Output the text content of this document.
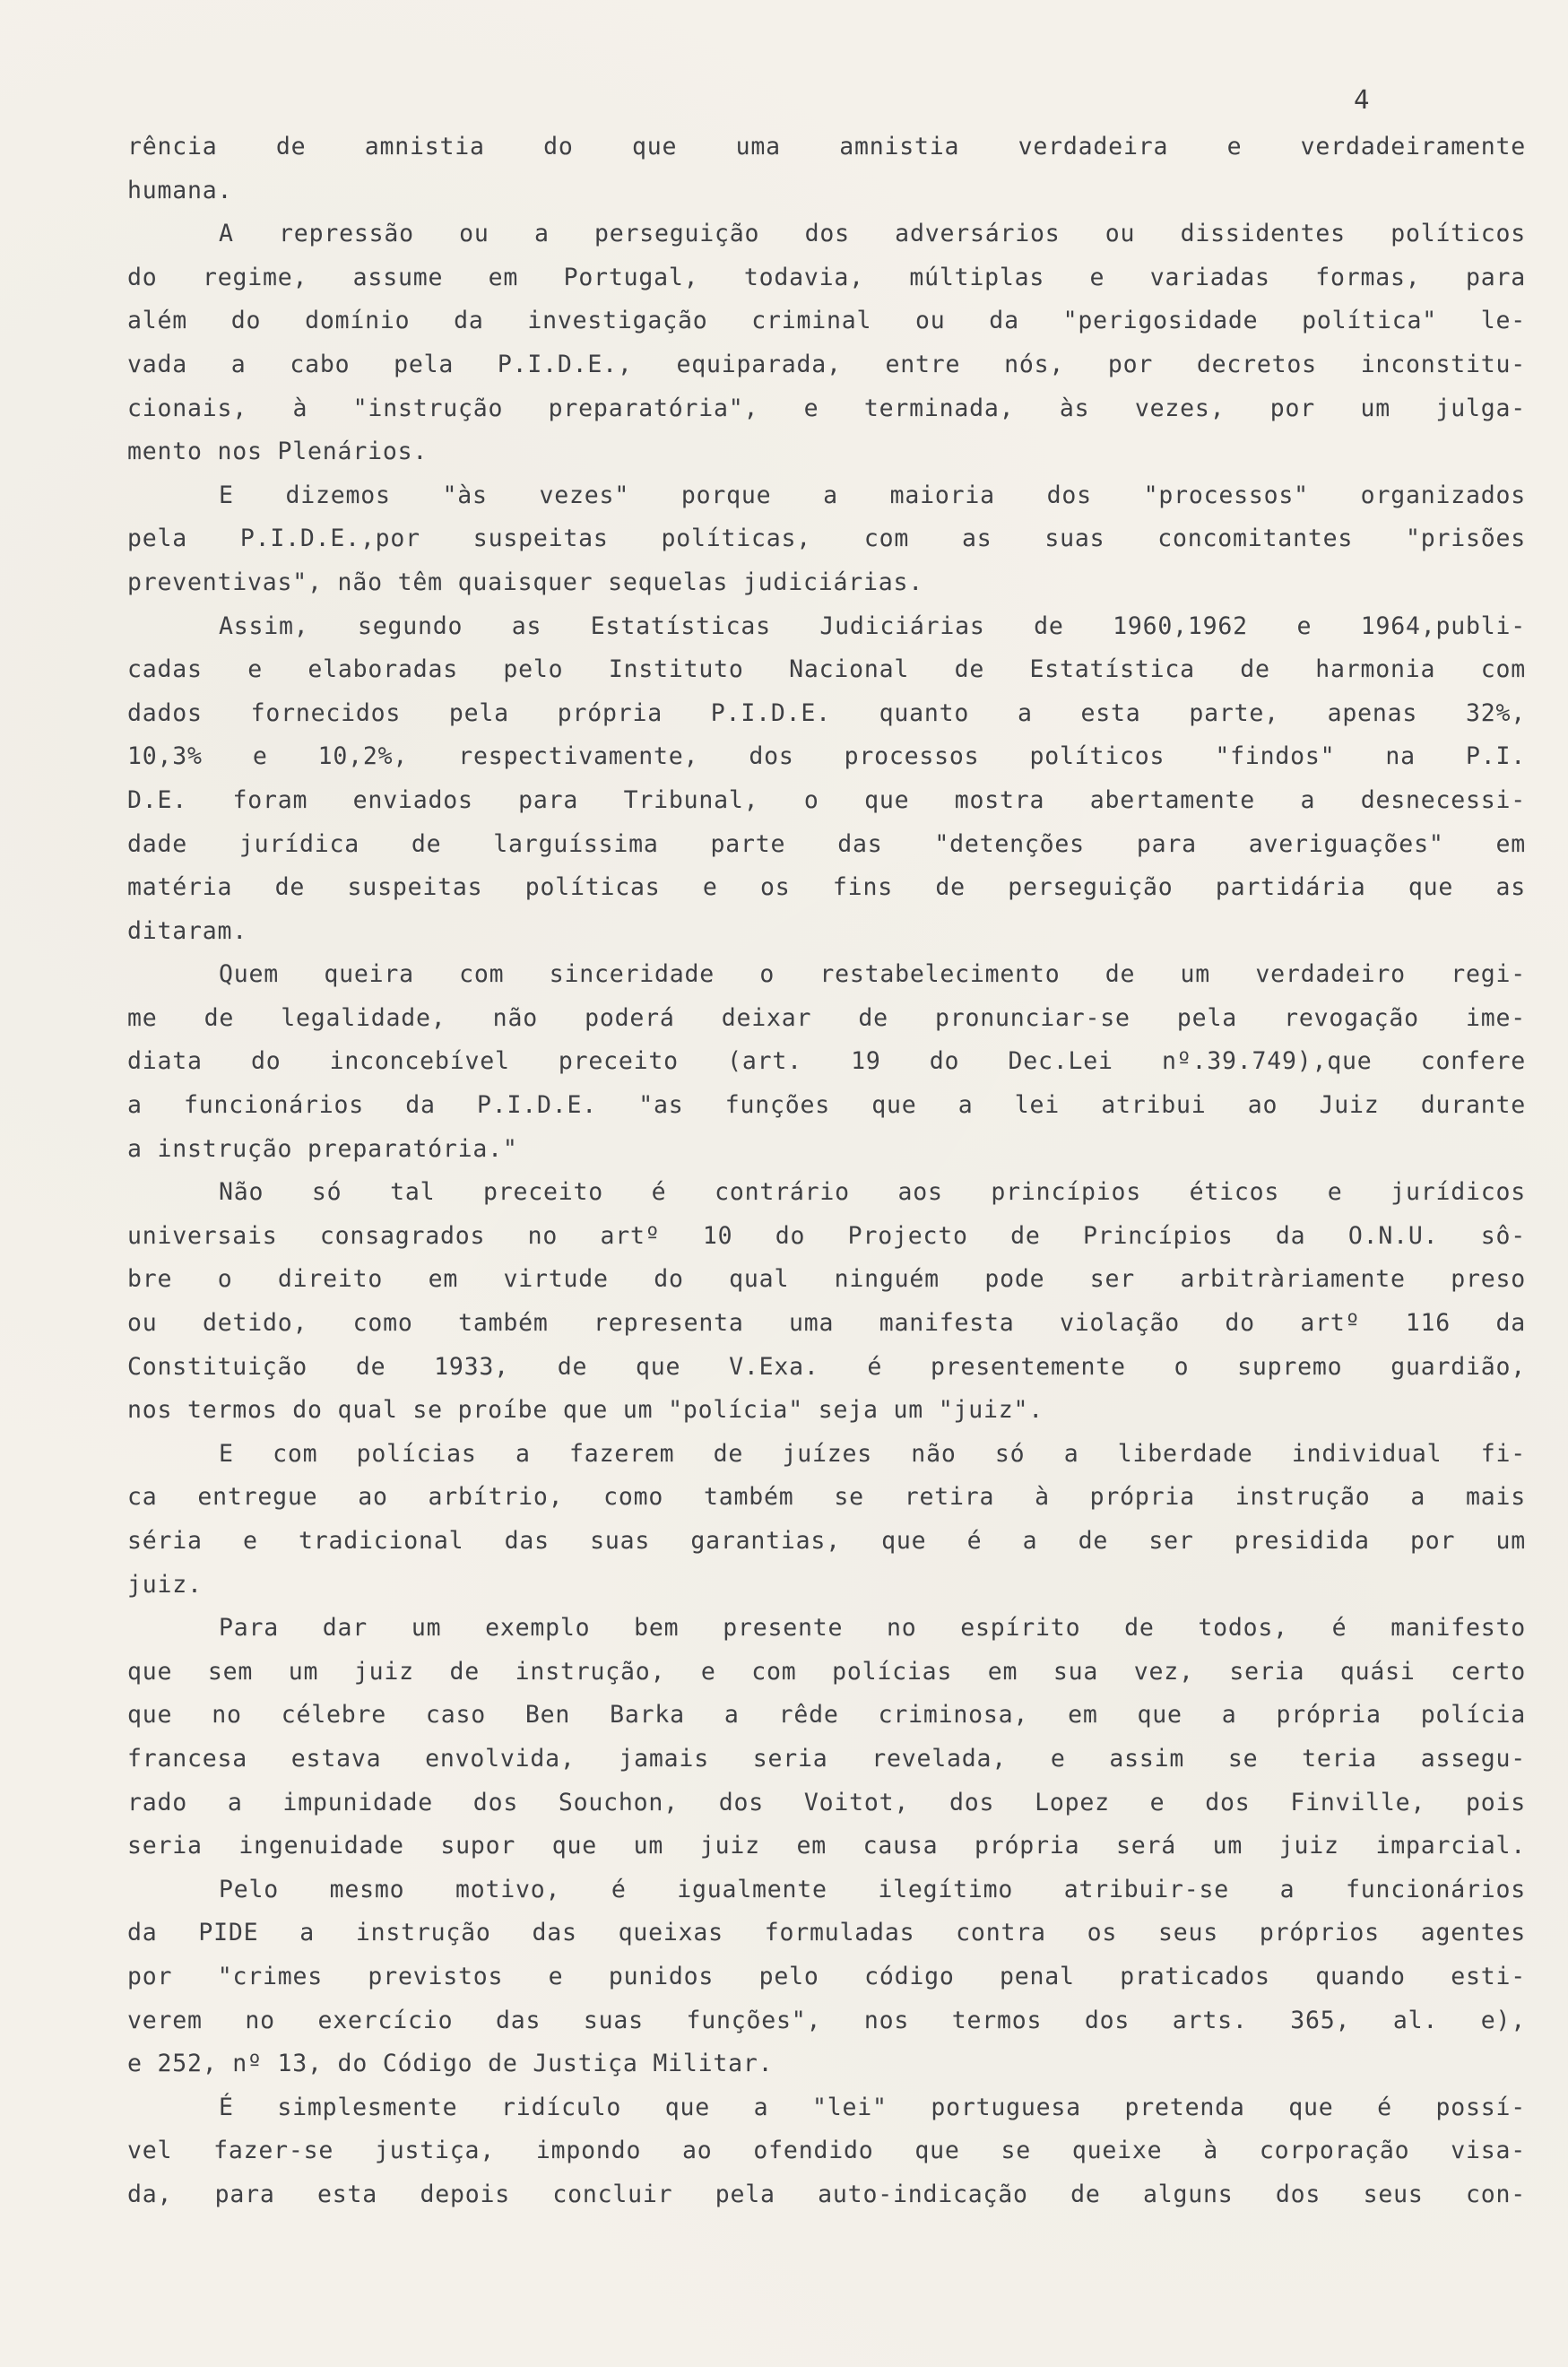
4
rência de amnistia do que uma amnistia verdadeira e verdadeiramente
humana.
A repressão ou a perseguição dos adversários ou dissidentes políticos
do regime, assume em Portugal, todavia, múltiplas e variadas formas, para
além do domínio da investigação criminal ou da "perigosidade política" le-
vada a cabo pela P.I.D.E., equiparada, entre nós, por decretos inconstitu-
cionais, à "instrução preparatória", e terminada, às vezes, por um julga-
mento nos Plenários.
E dizemos "às vezes" porque a maioria dos "processos" organizados
pela P.I.D.E.,por suspeitas políticas, com as suas concomitantes "prisões
preventivas", não têm quaisquer sequelas judiciárias.
Assim, segundo as Estatísticas Judiciárias de 1960,1962 e 1964,publi-
cadas e elaboradas pelo Instituto Nacional de Estatística de harmonia com
dados fornecidos pela própria P.I.D.E. quanto a esta parte, apenas 32%,
10,3% e 10,2%, respectivamente, dos processos políticos "findos" na P.I.
D.E. foram enviados para Tribunal, o que mostra abertamente a desnecessi-
dade jurídica de larguíssima parte das "detenções para averiguações" em
matéria de suspeitas políticas e os fins de perseguição partidária que as
ditaram.
Quem queira com sinceridade o restabelecimento de um verdadeiro regi-
me de legalidade, não poderá deixar de pronunciar-se pela revogação ime-
diata do inconcebível preceito (art. 19 do Dec.Lei nº.39.749),que confere
a funcionários da P.I.D.E. "as funções que a lei atribui ao Juiz durante
a instrução preparatória."
Não só tal preceito é contrário aos princípios éticos e jurídicos
universais consagrados no artº 10 do Projecto de Princípios da O.N.U. sô-
bre o direito em virtude do qual ninguém pode ser arbitràriamente preso
ou detido, como também representa uma manifesta violação do artº 116 da
Constituição de 1933, de que V.Exa. é presentemente o supremo guardião,
nos termos do qual se proíbe que um "polícia" seja um "juiz".
E com polícias a fazerem de juízes não só a liberdade individual fi-
ca entregue ao arbítrio, como também se retira à própria instrução a mais
séria e tradicional das suas garantias, que é a de ser presidida por um
juiz.
Para dar um exemplo bem presente no espírito de todos, é manifesto
que sem um juiz de instrução, e com polícias em sua vez, seria quási certo
que no célebre caso Ben Barka a rêde criminosa, em que a própria polícia
francesa estava envolvida, jamais seria revelada, e assim se teria assegu-
rado a impunidade dos Souchon, dos Voitot, dos Lopez e dos Finville, pois
seria ingenuidade supor que um juiz em causa própria será um juiz imparcial.
Pelo mesmo motivo, é igualmente ilegítimo atribuir-se a funcionários
da PIDE a instrução das queixas formuladas contra os seus próprios agentes
por "crimes previstos e punidos pelo código penal praticados quando esti-
verem no exercício das suas funções", nos termos dos arts. 365, al. e),
e 252, nº 13, do Código de Justiça Militar.
É simplesmente ridículo que a "lei" portuguesa pretenda que é possí-
vel fazer-se justiça, impondo ao ofendido que se queixe à corporação visa-
da, para esta depois concluir pela auto-indicação de alguns dos seus con-
